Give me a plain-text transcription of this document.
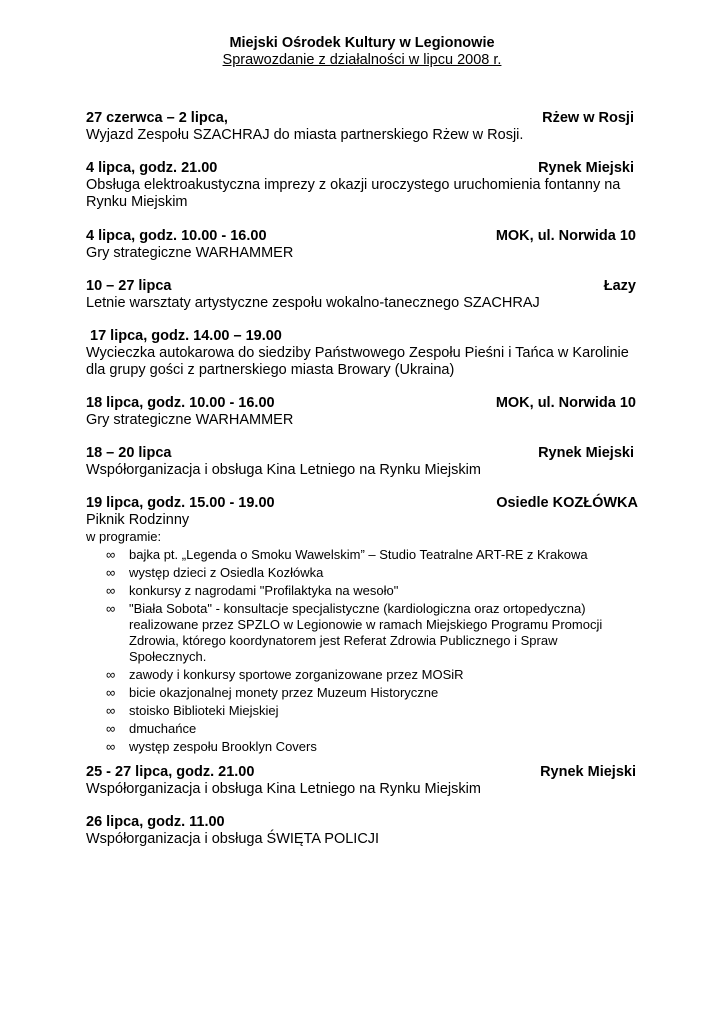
Miejski Ośrodek Kultury w Legionowie
Sprawozdanie z działalności w lipcu 2008 r.
27 czerwca – 2 lipca,	Rżew w Rosji
Wyjazd Zespołu SZACHRAJ do miasta partnerskiego Rżew w Rosji.
4 lipca, godz. 21.00	Rynek Miejski
Obsługa elektroakustyczna imprezy z okazji uroczystego uruchomienia fontanny na Rynku Miejskim
4 lipca, godz. 10.00 - 16.00	MOK, ul. Norwida 10
Gry strategiczne WARHAMMER
10 – 27 lipca	Łazy
Letnie warsztaty artystyczne zespołu wokalno-tanecznego SZACHRAJ
17 lipca, godz. 14.00 – 19.00
Wycieczka autokarowa do siedziby Państwowego Zespołu Pieśni i Tańca w Karolinie dla grupy gości z partnerskiego miasta Browary (Ukraina)
18 lipca, godz. 10.00 - 16.00	MOK, ul. Norwida 10
Gry strategiczne WARHAMMER
18 – 20 lipca	Rynek Miejski
Współorganizacja i obsługa Kina Letniego na Rynku Miejskim
19 lipca, godz. 15.00 - 19.00	Osiedle KOZŁÓWKA
Piknik Rodzinny
w programie:
∞ bajka pt. „Legenda o Smoku Wawelskim” – Studio Teatralne ART-RE z Krakowa
∞ występ dzieci z Osiedla Kozłówka
∞ konkursy z nagrodami "Profilaktyka na wesoło"
∞ "Biała Sobota" - konsultacje specjalistyczne (kardiologiczna oraz ortopedyczna) realizowane przez SPZLO w Legionowie w ramach Miejskiego Programu Promocji Zdrowia, którego koordynatorem jest Referat Zdrowia Publicznego i Spraw Społecznych.
∞ zawody i konkursy sportowe zorganizowane przez MOSiR
∞ bicie okazjonalnej monety przez Muzeum Historyczne
∞ stoisko Biblioteki Miejskiej
∞ dmuchańce
∞ występ zespołu Brooklyn Covers
25 - 27 lipca, godz. 21.00	Rynek Miejski
Współorganizacja i obsługa Kina Letniego na Rynku Miejskim
26 lipca, godz. 11.00
Współorganizacja i obsługa ŚWIĘTA POLICJI
